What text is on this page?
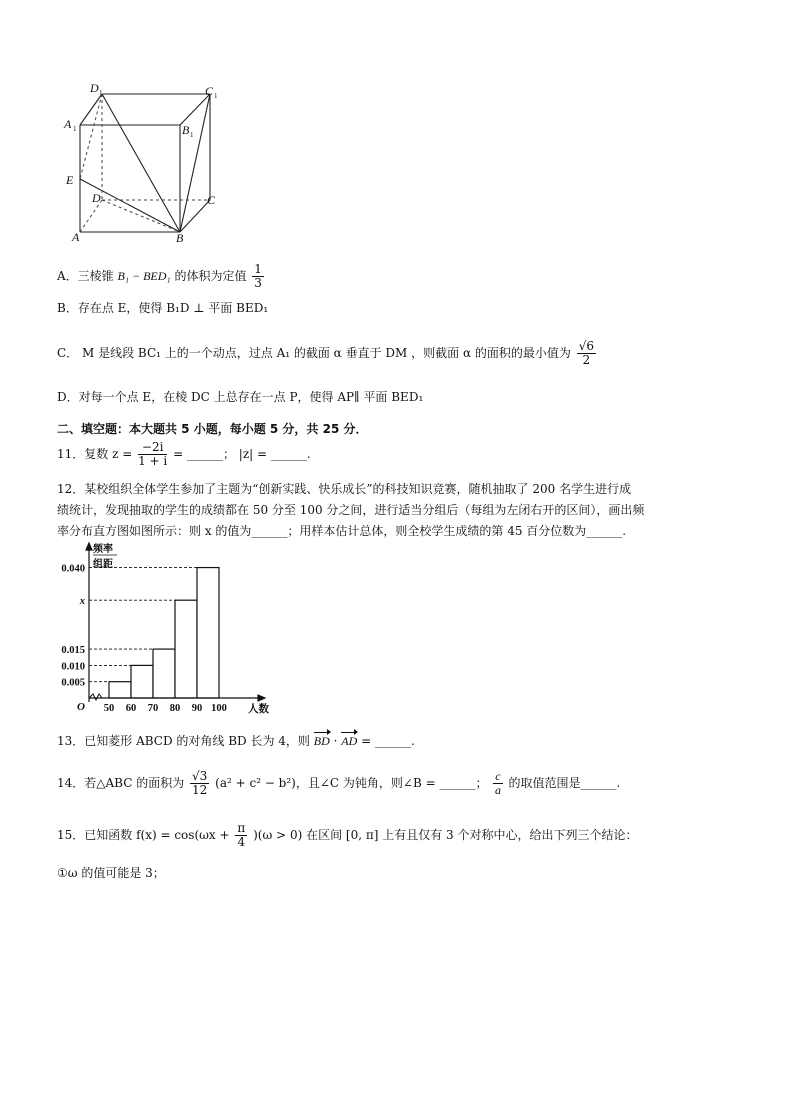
D 1	C 1
A 1	B 1
E
D	C
A	B
A．三棱锥 B₁ − BED₁ 的体积为定值 $\frac{1}{3}$
B．存在点 E，使得 B₁D ⊥ 平面 BED₁
C． M 是线段 BC₁ 上的一个动点，过点 A₁ 的截面 α 垂直于 DM ，则截面 α 的面积的最小值为 $\frac{√6}{2}$
D．对每一个点 E，在棱 DC 上总存在一点 P，使得 AP∥ 平面 BED₁
二、填空题：本大题共 5 小题，每小题 5 分，共 25 分．
11．复数 $z = \frac{-2i}{1 + i}$ = ______； |z| = ______.
12．某校组织全体学生参加了主题为“创新实践、快乐成长”的科技知识竞赛，随机抽取了 200 名学生进行成
绩统计，发现抽取的学生的成绩都在 50 分至 100 分之间，进行适当分组后（每组为左闭右开的区间），画出频
率分布直方图如图所示：则 x 的值为______；用样本估计总体，则全校学生成绩的第 45 百分位数为______.
0.005
0.010
0.015
x
0.040
50 60 70 80 90 100
O
频率
组距
人数
13．已知菱形 ABCD 的对角线 BD 长为 4，则 BD · AD = ______.
14．若△ABC 的面积为 $\frac{√3}{12} (a^2 + c^2 - b^2)$，且∠C 为钝角，则∠B = ______； $\frac{c}{a}$ 的取值范围是______.
15．已知函数 $f(x) = \cos(\omega x + \frac{\pi}{4} )(\omega > 0)$ 在区间 [0, π] 上有且仅有 3 个对称中心，给出下列三个结论：
①ω 的值可能是 3；
